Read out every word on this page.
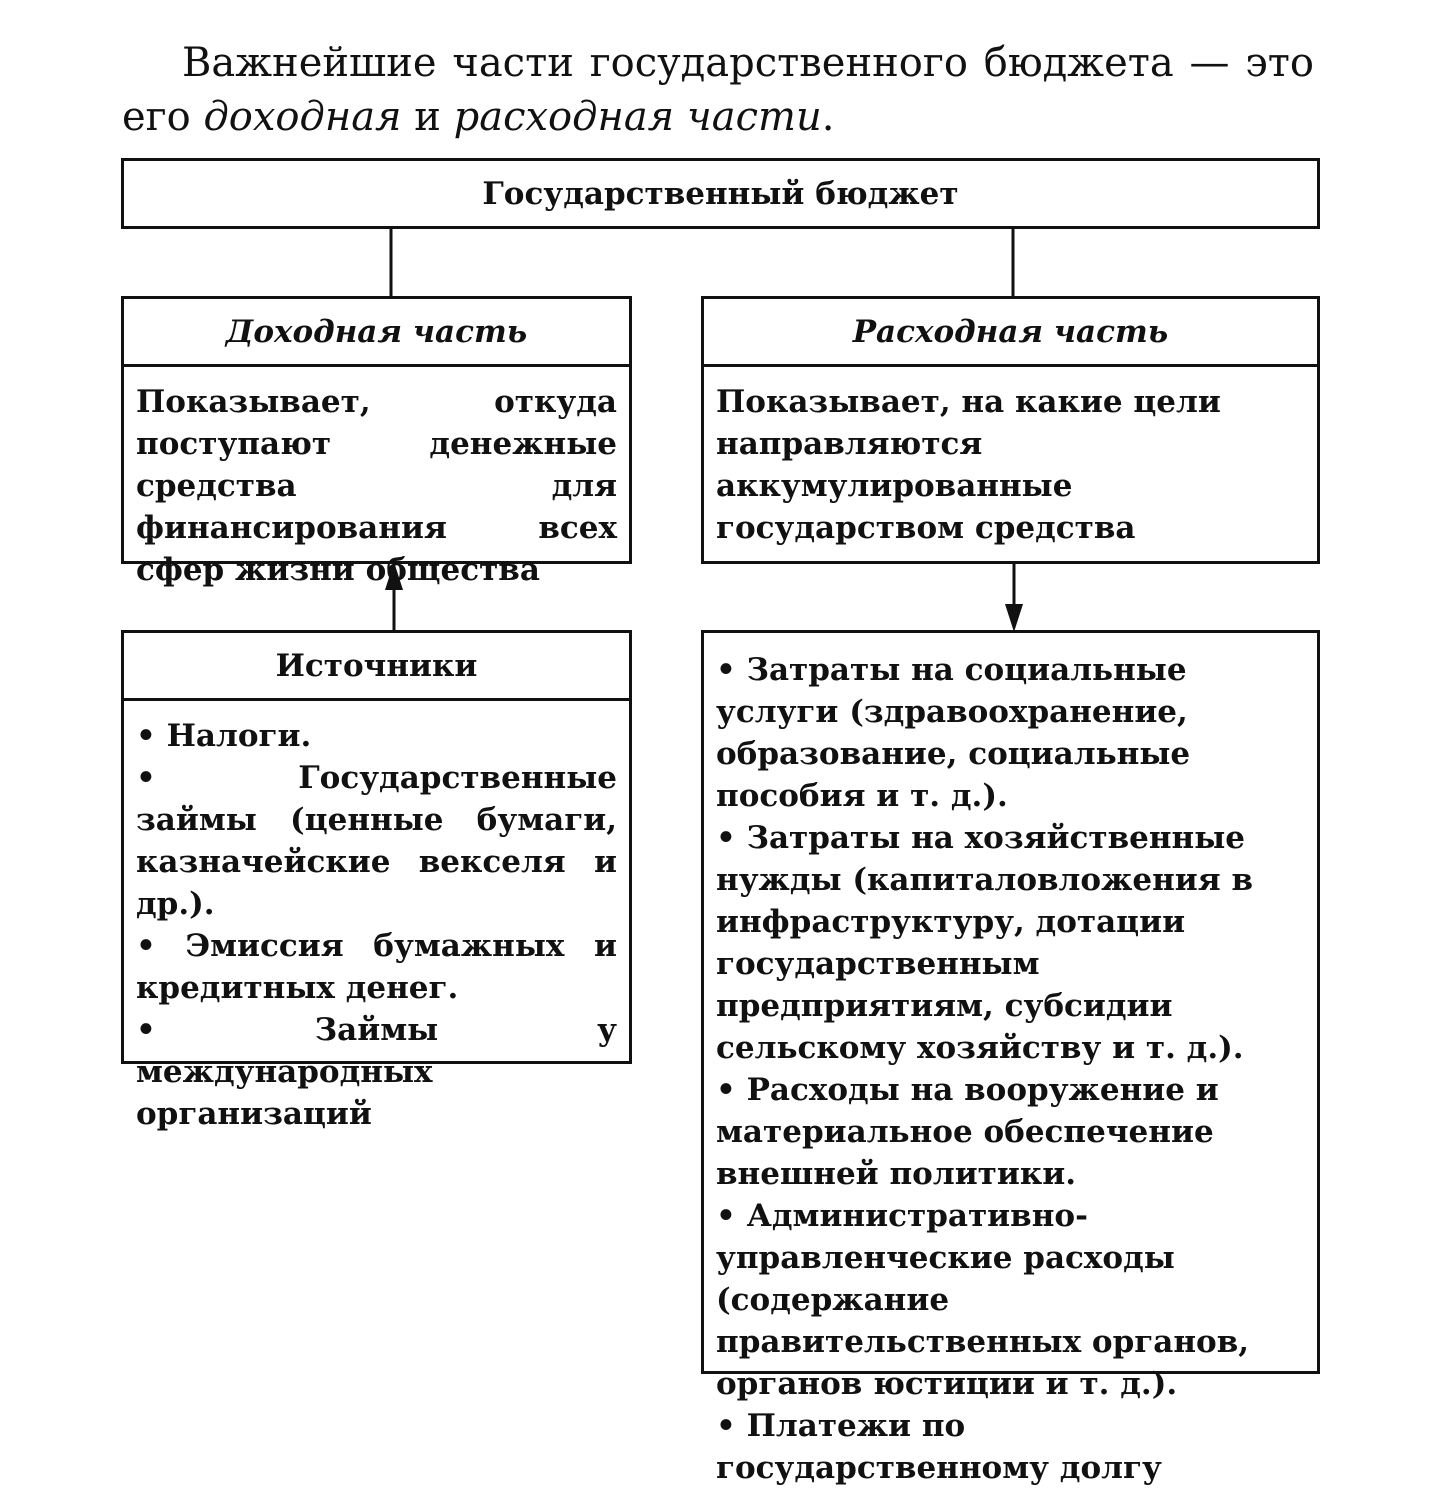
Важнейшие части государственного бюджета — это его доходная и расходная части.

Государственный бюджет
Доходная часть
Показывает, откуда поступают денежные средства для финансирования всех сфер жизни общества
Расходная часть
Показывает, на какие цели направляются аккумулированные государством средства
Источники
• Налоги.
• Государственные займы (ценные бумаги, казначейские векселя и др.).
• Эмиссия бумажных и кредитных денег.
• Займы у международных организаций
• Затраты на социальные услуги (здравоохранение, образование, социальные пособия и т. д.).
• Затраты на хозяйственные нужды (капиталовложения в инфраструктуру, дотации государственным предприятиям, субсидии сельскому хозяйству и т. д.).
• Расходы на вооружение и материальное обеспечение внешней политики.
• Административно-управленческие расходы (содержание правительственных органов, органов юстиции и т. д.).
• Платежи по государственному долгу
